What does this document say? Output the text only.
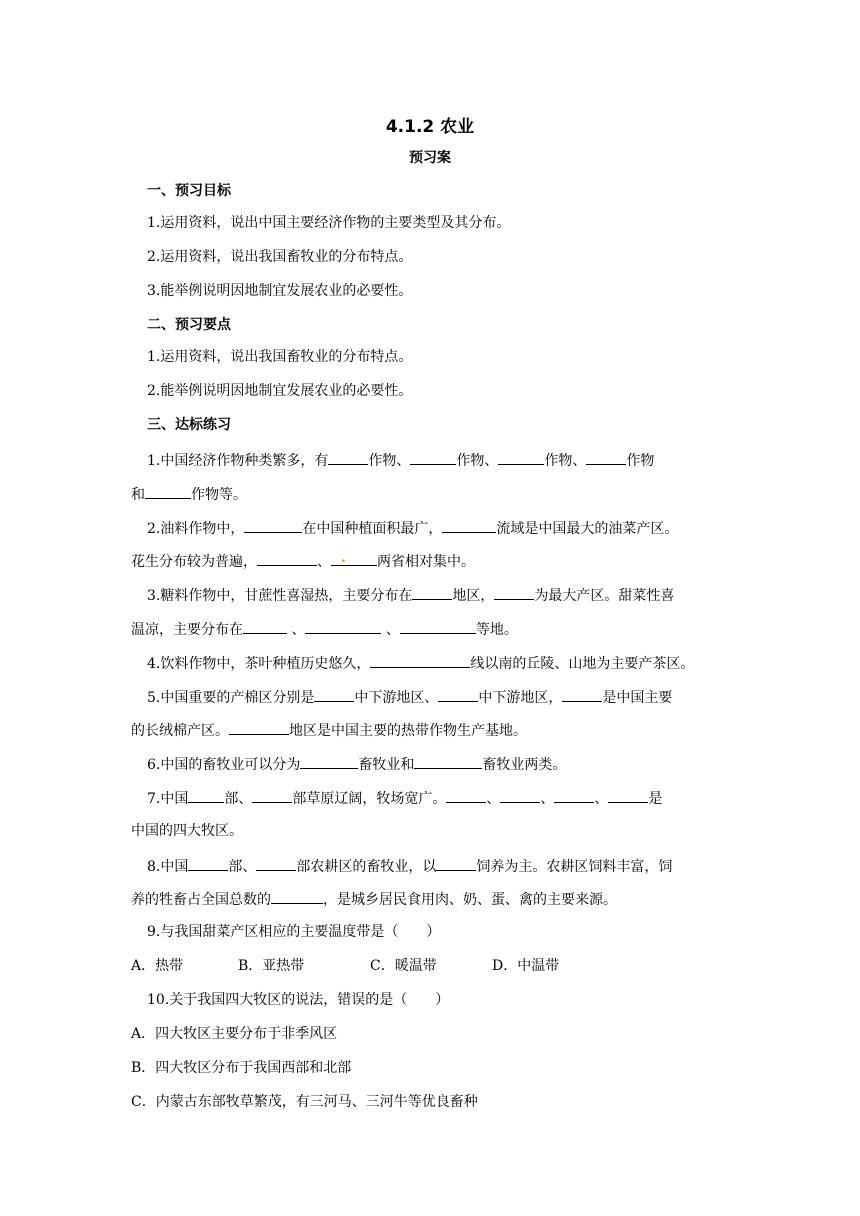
4.1.2 农业
预习案
一、预习目标
1.运用资料，说出中国主要经济作物的主要类型及其分布。
2.运用资料，说出我国畜牧业的分布特点。
3.能举例说明因地制宜发展农业的必要性。
二、预习要点
1.运用资料，说出我国畜牧业的分布特点。
2.能举例说明因地制宜发展农业的必要性。
三、达标练习
1.中国经济作物种类繁多，有	作物、	作物、	作物、	作物
和	作物等。
2.油料作物中，	在中国种植面积最广，	流域是中国最大的油菜产区。
花生分布较为普遍，	、 . 两省相对集中。
3.糖料作物中，甘蔗性喜湿热，主要分布在	地区，	为最大产区。甜菜性喜
温凉，主要分布在	、	、	等地。
4.饮料作物中，茶叶种植历史悠久，	线以南的丘陵、山地为主要产茶区。
5.中国重要的产棉区分别是	中下游地区、	中下游地区，	是中国主要
的长绒棉产区。	地区是中国主要的热带作物生产基地。
6.中国的畜牧业可以分为	畜牧业和	畜牧业两类。
7.中国	部、	部草原辽阔，牧场宽广。	、	、	、	是
中国的四大牧区。
8.中国	部、	部农耕区的畜牧业，以	饲养为主。农耕区饲料丰富，饲
养的牲畜占全国总数的	，是城乡居民食用肉、奶、蛋、禽的主要来源。
9.与我国甜菜产区相应的主要温度带是（　　）
A．热带	B．亚热带	C．暖温带	D．中温带
10.关于我国四大牧区的说法，错误的是（　　）
A．四大牧区主要分布于非季风区
B．四大牧区分布于我国西部和北部
C．内蒙古东部牧草繁茂，有三河马、三河牛等优良畜种
